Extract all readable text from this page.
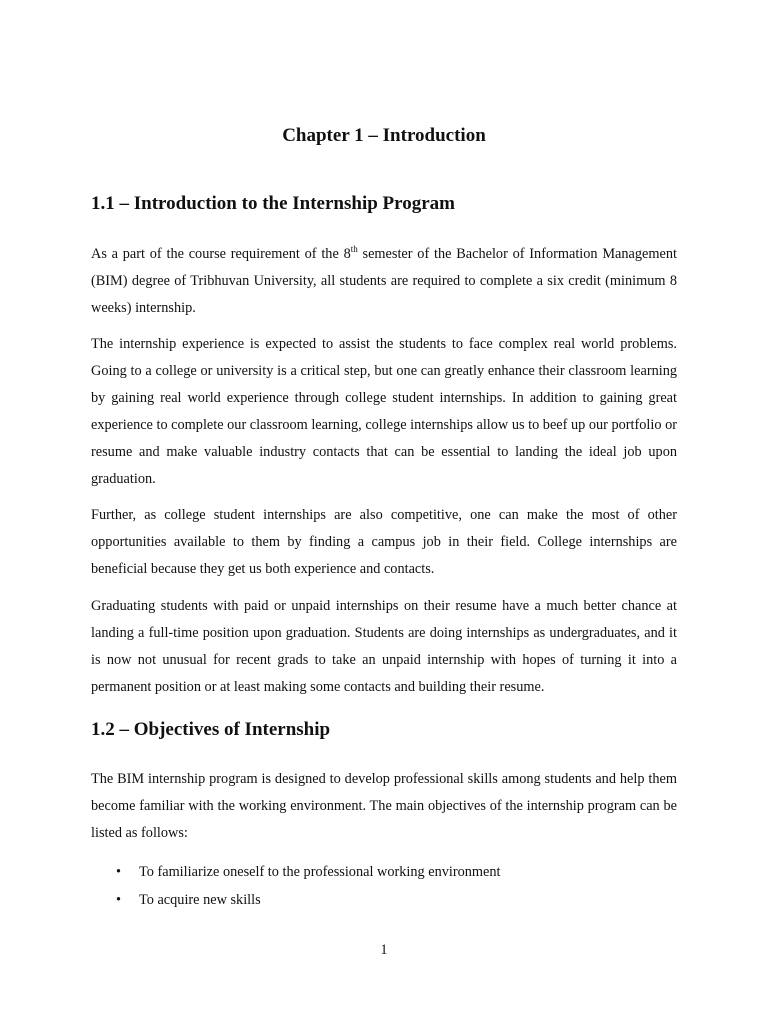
Chapter 1 – Introduction
1.1 – Introduction to the Internship Program

As a part of the course requirement of the 8th semester of the Bachelor of Information Management (BIM) degree of Tribhuvan University, all students are required to complete a six credit (minimum 8 weeks) internship.

The internship experience is expected to assist the students to face complex real world problems. Going to a college or university is a critical step, but one can greatly enhance their classroom learning by gaining real world experience through college student internships. In addition to gaining great experience to complete our classroom learning, college internships allow us to beef up our portfolio or resume and make valuable industry contacts that can be essential to landing the ideal job upon graduation.

Further, as college student internships are also competitive, one can make the most of other opportunities available to them by finding a campus job in their field. College internships are beneficial because they get us both experience and contacts.

Graduating students with paid or unpaid internships on their resume have a much better chance at landing a full-time position upon graduation. Students are doing internships as undergraduates, and it is now not unusual for recent grads to take an unpaid internship with hopes of turning it into a permanent position or at least making some contacts and building their resume.

1.2 – Objectives of Internship

The BIM internship program is designed to develop professional skills among students and help them become familiar with the working environment. The main objectives of the internship program can be listed as follows:

• To familiarize oneself to the professional working environment
• To acquire new skills
1
